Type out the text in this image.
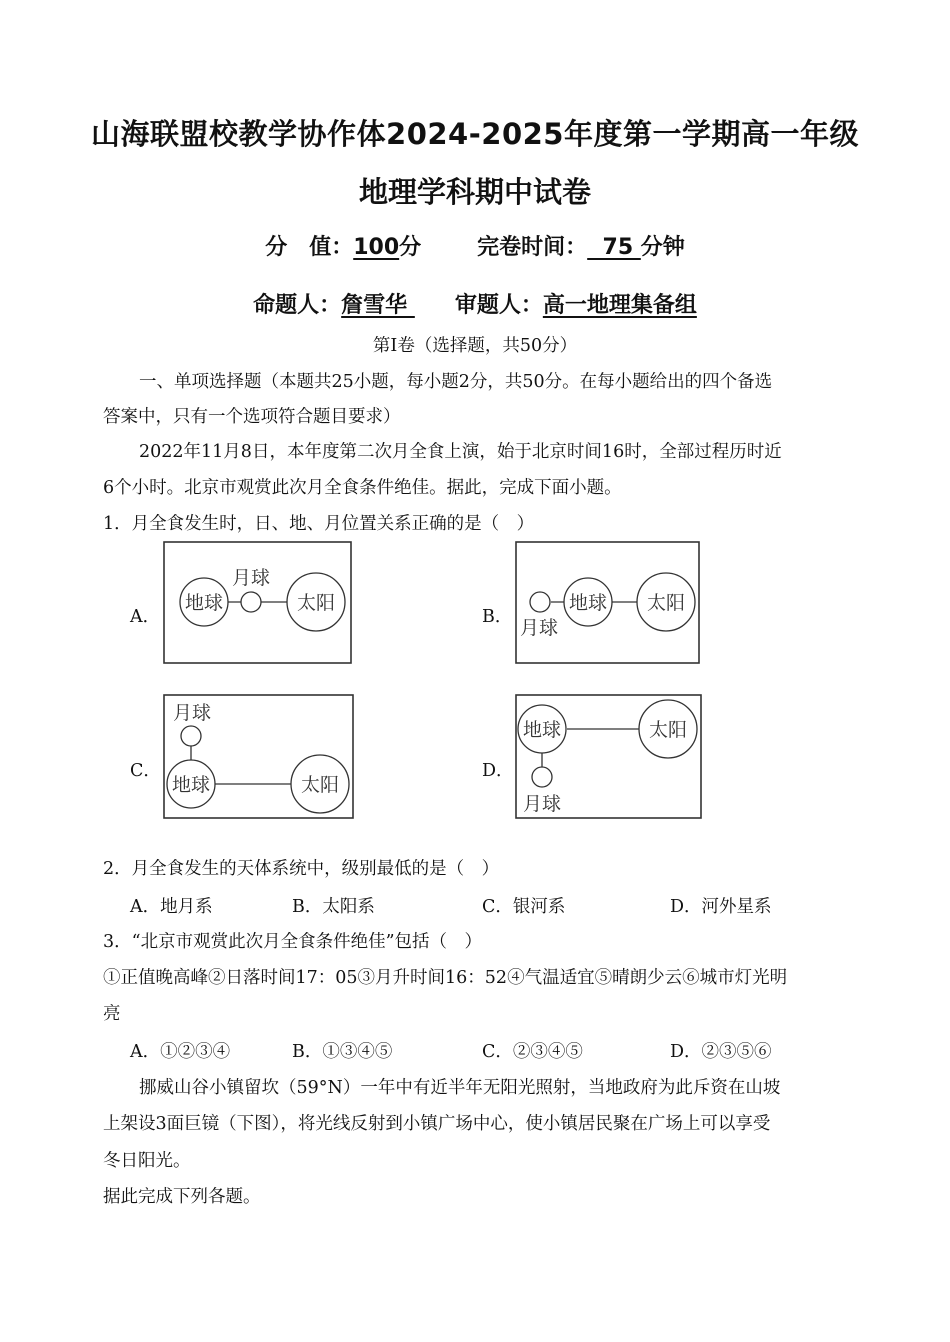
山海联盟校教学协作体2024-2025年度第一学期高一年级
地理学科期中试卷
分　值：100分	完卷时间：  75 分钟
命题人：詹雪华 审题人：高一地理集备组
第Ⅰ卷（选择题，共50分）
一、单项选择题（本题共25小题，每小题2分，共50分。在每小题给出的四个备选
答案中，只有一个选项符合题目要求）
2022年11月8日，本年度第二次月全食上演，始于北京时间16时，全部过程历时近
6个小时。北京市观赏此次月全食条件绝佳。据此，完成下面小题。
1．月全食发生时，日、地、月位置关系正确的是（　）
A．
地球
月球
太阳
B．
地球
月球
太阳
C．
月球
地球	太阳
D．
地球
月球
太阳
2．月全食发生的天体系统中，级别最低的是（　）
A．地月系	B．太阳系	C．银河系	D．河外星系
3．“北京市观赏此次月全食条件绝佳”包括（　）
①正值晚高峰②日落时间17：05③月升时间16：52④气温适宜⑤晴朗少云⑥城市灯光明
亮
A．①②③④	B．①③④⑤	C．②③④⑤	D．②③⑤⑥
挪威山谷小镇留坎（59°N）一年中有近半年无阳光照射，当地政府为此斥资在山坡
上架设3面巨镜（下图），将光线反射到小镇广场中心，使小镇居民聚在广场上可以享受
冬日阳光。
据此完成下列各题。
